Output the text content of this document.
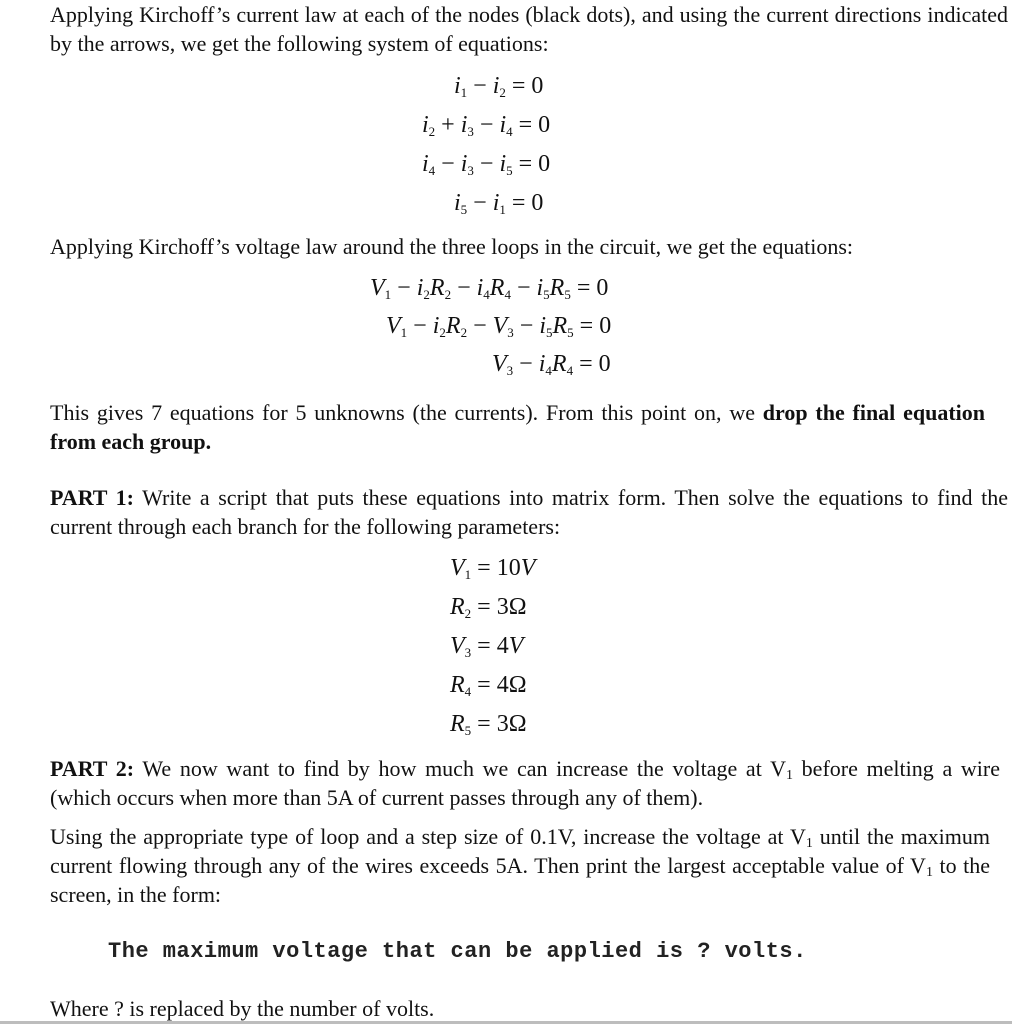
Applying Kirchoff’s current law at each of the nodes (black dots), and using the current directions indicated by the arrows, we get the following system of equations:

$i_1 - i_2 = 0$
$i_2 + i_3 - i_4 = 0$
$i_4 - i_3 - i_5 = 0$
$i_5 - i_1 = 0$

Applying Kirchoff’s voltage law around the three loops in the circuit, we get the equations:

$V_1 - i_2R_2 - i_4R_4 - i_5R_5 = 0$
$V_1 - i_2R_2 - V_3 - i_5R_5 = 0$
$V_3 - i_4R_4 = 0$

This gives 7 equations for 5 unknowns (the currents). From this point on, we drop the final equation from each group.

PART 1: Write a script that puts these equations into matrix form. Then solve the equations to find the current through each branch for the following parameters:

$V_1 = 10V$
$R_2 = 3\Omega$
$V_3 = 4V$
$R_4 = 4\Omega$
$R_5 = 3\Omega$

PART 2: We now want to find by how much we can increase the voltage at V1 before melting a wire (which occurs when more than 5A of current passes through any of them).

Using the appropriate type of loop and a step size of 0.1V, increase the voltage at V1 until the maximum current flowing through any of the wires exceeds 5A. Then print the largest acceptable value of V1 to the screen, in the form:

The maximum voltage that can be applied is ? volts.

Where ? is replaced by the number of volts.
